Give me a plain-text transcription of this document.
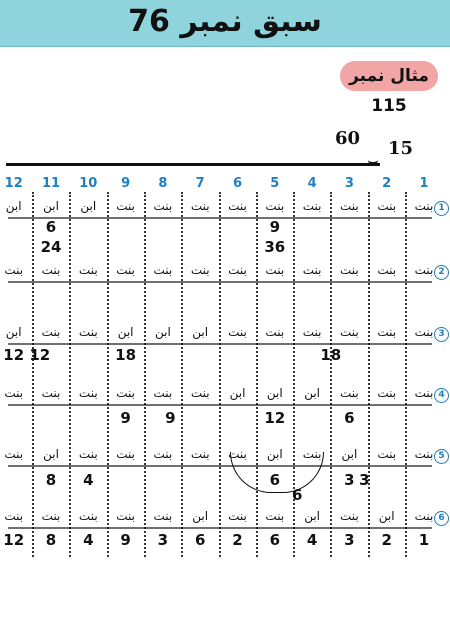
سبق نمبر 76
مثال نمبر 115
60 15
1
2
3
4
5
6
7
8
9
10
11
12
1
بنت
بنت
بنت
بنت
بنت
بنت
بنت
بنت
بنت
ابن
ابن
ابن
2
بنت
بنت
بنت
بنت
بنت
بنت
بنت
بنت
بنت
بنت
بنت
بنت
3
بنت
بنت
بنت
بنت
بنت
بنت
ابن
ابن
ابن
بنت
بنت
ابن
4
بنت
بنت
بنت
ابن
ابن
ابن
بنت
بنت
بنت
بنت
بنت
بنت
5
بنت
بنت
ابن
بنت
ابن
بنت
بنت
بنت
بنت
بنت
ابن
بنت
6
بنت
ابن
بنت
ابن
بنت
بنت
ابن
بنت
بنت
بنت
بنت
بنت
9
36
6
24
18	18
12 12
6
12
9	9
3 3
6
6
4
8
1
2
3
4
6
2
6
3
9
4
8
12
